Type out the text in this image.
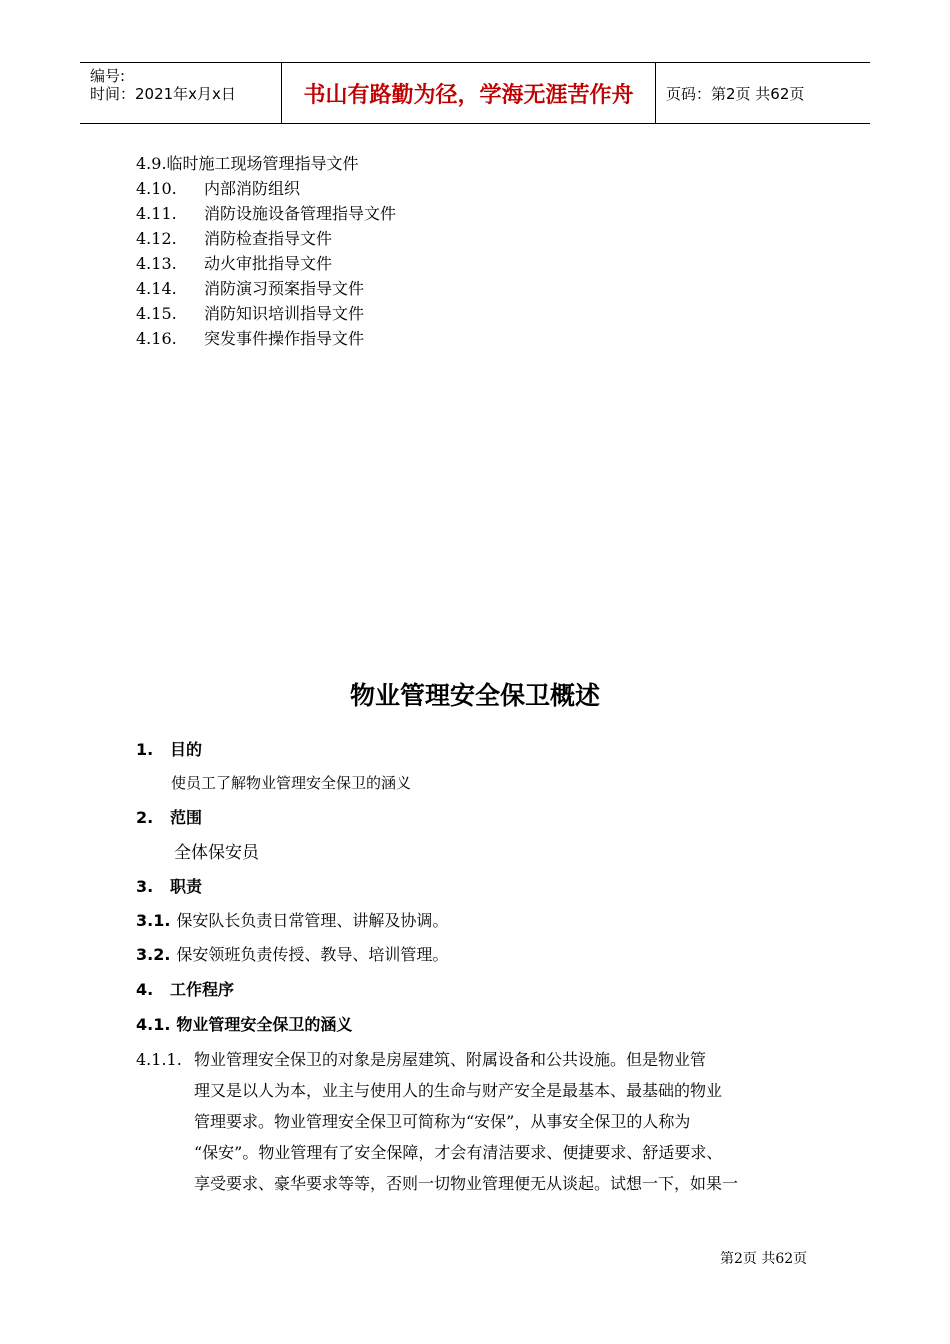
编号:
时间：2021年x月x日	书山有路勤为径，学海无涯苦作舟	页码：第2页 共62页
4.9.临时施工现场管理指导文件
4.10. 内部消防组织
4.11. 消防设施设备管理指导文件
4.12. 消防检查指导文件
4.13. 动火审批指导文件
4.14. 消防演习预案指导文件
4.15. 消防知识培训指导文件
4.16. 突发事件操作指导文件
物业管理安全保卫概述
1. 目的
使员工了解物业管理安全保卫的涵义
2. 范围
全体保安员
3. 职责
3.1. 保安队长负责日常管理、讲解及协调。
3.2. 保安领班负责传授、教导、培训管理。
4. 工作程序
4.1. 物业管理安全保卫的涵义
4.1.1. 物业管理安全保卫的对象是房屋建筑、附属设备和公共设施。但是物业管
理又是以人为本，业主与使用人的生命与财产安全是最基本、最基础的物业
管理要求。物业管理安全保卫可简称为“安保”，从事安全保卫的人称为
“保安”。物业管理有了安全保障，才会有清洁要求、便捷要求、舒适要求、
享受要求、豪华要求等等，否则一切物业管理便无从谈起。试想一下，如果一
第2页 共62页
